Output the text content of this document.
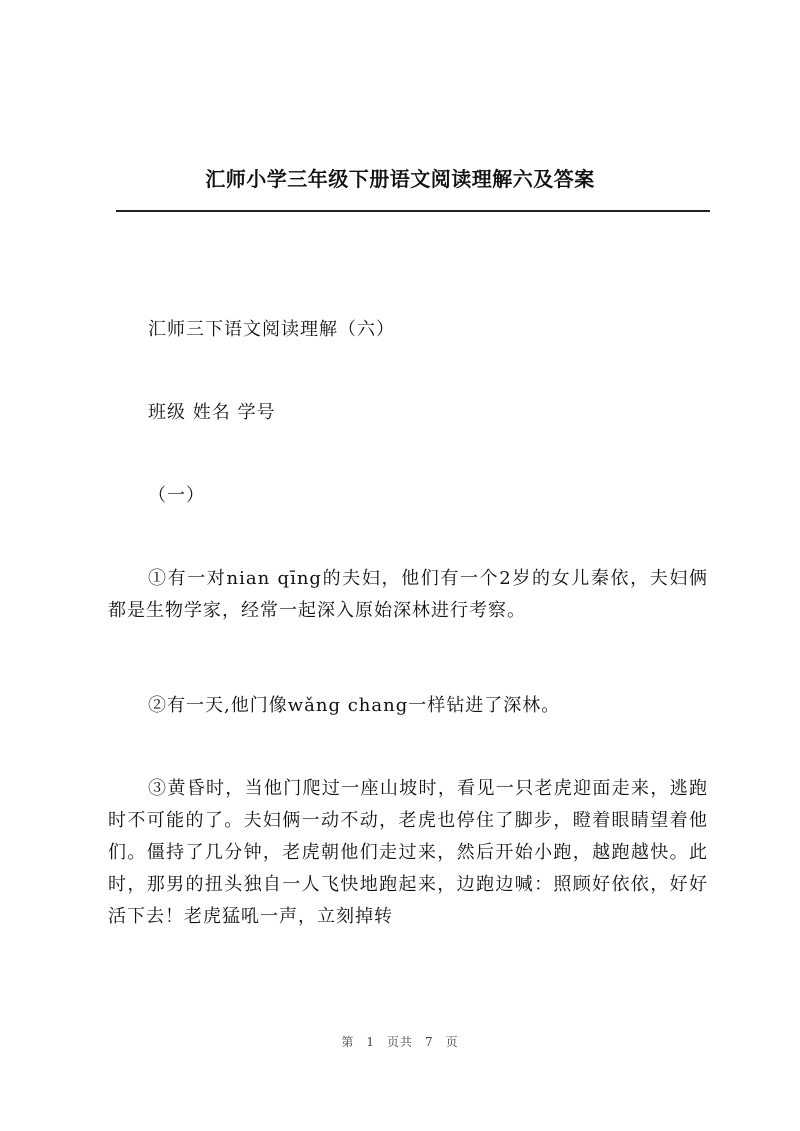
汇师小学三年级下册语文阅读理解六及答案

汇师三下语文阅读理解（六）

班级 姓名 学号

（一）

①有一对nian qīng的夫妇，他们有一个2岁的女儿秦依，夫妇俩都是生物学家，经常一起深入原始深林进行考察。

②有一天,他门像wǎng chang一样钻进了深林。

③黄昏时，当他门爬过一座山坡时，看见一只老虎迎面走来，逃跑时不可能的了。夫妇俩一动不动，老虎也停住了脚步，瞪着眼睛望着他们。僵持了几分钟，老虎朝他们走过来，然后开始小跑，越跑越快。此时，那男的扭头独自一人飞快地跑起来，边跑边喊：照顾好依依，好好活下去！老虎猛吼一声，立刻掉转

第 1 页共 7 页
